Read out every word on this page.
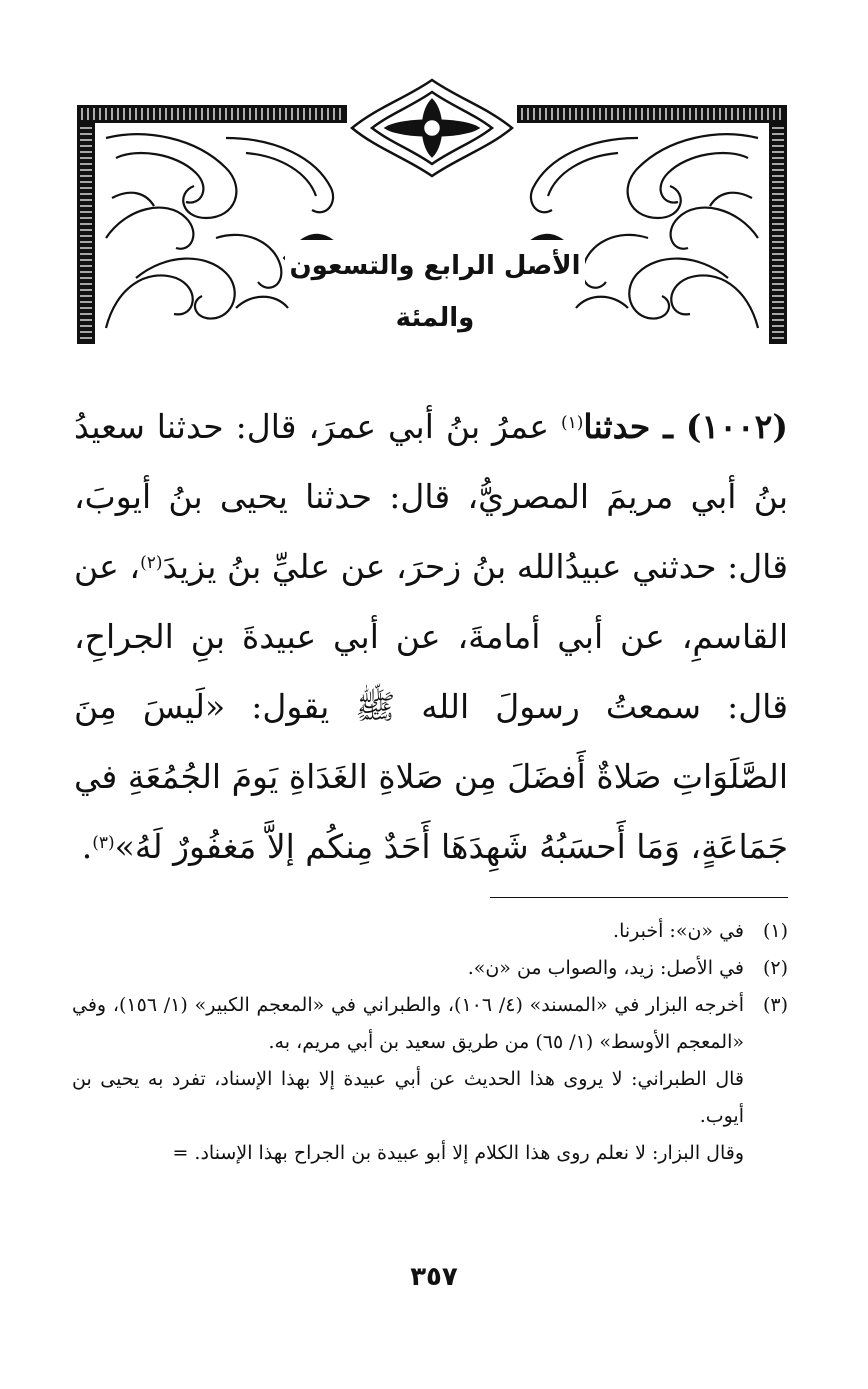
الأصل الرابع والتسعون والمئة

(١٠٠٢) ـ حدثنا$^{(١)}$ عمرُ بنُ أبي عمرَ، قال: حدثنا سعيدُ بنُ أبي مريمَ المصريُّ، قال: حدثنا يحيى بنُ أيوبَ، قال: حدثني عبيدُالله بنُ زحرَ، عن عليِّ بنُ يزيدَ$^{(٢)}$، عن القاسمِ، عن أبي أمامةَ، عن أبي عبيدةَ بنِ الجراحِ، قال: سمعتُ رسولَ الله ﷺ يقول: «لَيسَ مِنَ الصَّلَوَاتِ صَلاةٌ أَفضَلَ مِن صَلاةِ الغَدَاةِ يَومَ الجُمُعَةِ في جَمَاعَةٍ، وَمَا أَحسَبُهُ شَهِدَهَا أَحَدٌ مِنكُم إلاَّ مَغفُورٌ لَهُ»$^{(٣)}$.

(١)
في «ن»: أخبرنا.
(٢)
في الأصل: زيد، والصواب من «ن».
(٣)
أخرجه البزار في «المسند» (٤/ ١٠٦)، والطبراني في «المعجم الكبير» (١/ ١٥٦)، وفي «المعجم الأوسط» (١/ ٦٥) من طريق سعيد بن أبي مريم، به.
قال الطبراني: لا يروى هذا الحديث عن أبي عبيدة إلا بهذا الإسناد، تفرد به يحيى بن أيوب.
وقال البزار: لا نعلم روى هذا الكلام إلا أبو عبيدة بن الجراح بهذا الإسناد. =
٣٥٧
